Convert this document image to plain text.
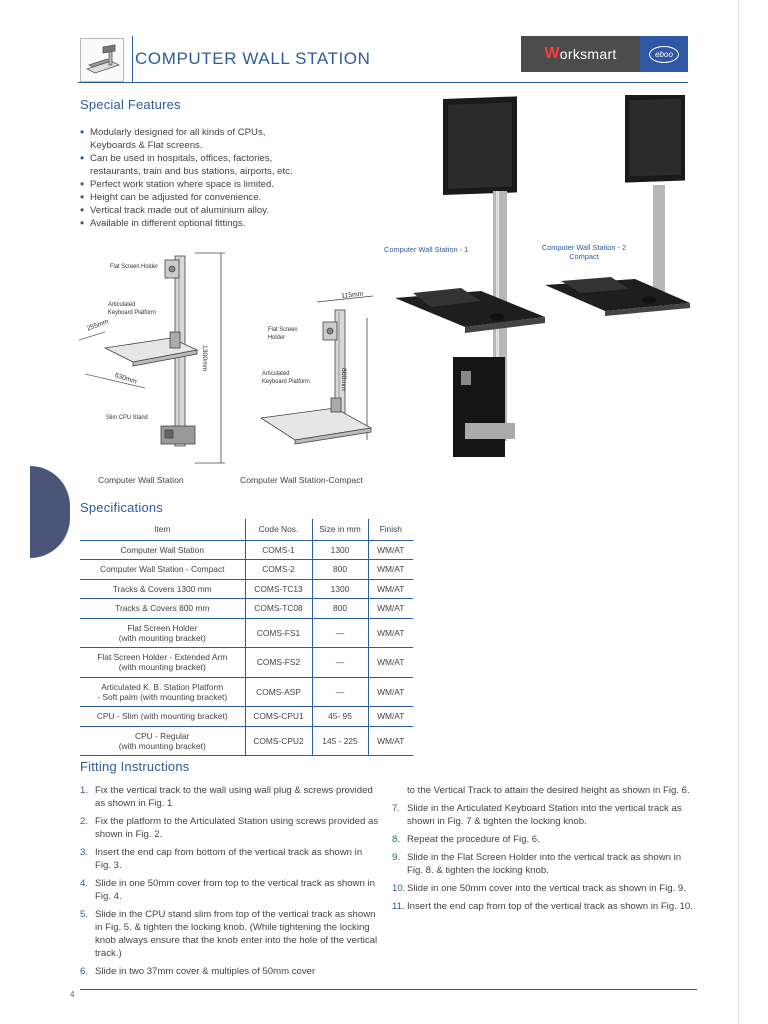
COMPUTER WALL STATION	W orksmart	eboo
Special Features
• Modularly designed for all kinds of CPUs,
Keyboards & Flat screens.
• Can be used in hospitals, offices, factories,
restaurants, train and bus stations, airports, etc.
• Perfect work station where space is limited.
• Height can be adjusted for convenience.
• Vertical track made out of aluminium alloy.
• Available in different optional fittings.
Flat Screen Holder
Articulated Keyboard Platform
Slim CPU Stand
1300mm
255mm
630mm
Computer Wall Station
115mm
Flat Screen Holder
Articulated Keyboard Platform	800mm
Computer Wall Station-Compact
Computer Wall Station - 1	Computer Wall Station - 2
Compact
Specifications
Item	Code Nos.	Size in mm	Finish
Computer Wall Station	COMS-1	1300	WM/AT
Computer Wall Station - Compact	COMS-2	800	WM/AT
Tracks & Covers 1300 mm	COMS-TC13	1300	WM/AT
Tracks & Covers 800 mm	COMS-TC08	800	WM/AT

Flat Screen Holder
(with mounting bracket)	COMS-FS1	—	WM/AT

Flat Screen Holder - Extended Arm
(with mounting bracket)	COMS-FS2	—	WM/AT

Articulated K. B. Station Platform
- Soft palm (with mounting bracket)	COMS-ASP	—	WM/AT
CPU - Slim (with mounting bracket)	COMS-CPU1	45- 95	WM/AT

CPU - Regular
(with mounting bracket)	COMS-CPU2	145 - 225	WM/AT
Fitting Instructions
1. Fix the vertical track to the wall using wall plug & screws provided as shown in Fig. 1
2. Fix the platform to the Articulated Station using screws provided as shown in Fig. 2.
3. Insert the end cap from bottom of the vertical track as shown in Fig. 3.
4. Slide in one 50mm cover from top to the vertical track as shown in Fig. 4.
5. Slide in the CPU stand slim from top of the vertical track as shown in Fig. 5. & tighten the locking knob. (While tightening the locking knob always ensure that the knob enter into the hole of the vertical track.)
6. Slide in two 37mm cover & multiples of 50mm cover
to the Vertical Track to attain the desired height as shown in Fig. 6.
7. Slide in the Articulated Keyboard Station into the vertical track as shown in Fig. 7 & tighten the locking knob.
8. Repeat the procedure of Fig. 6.
9. Slide in the Flat Screen Holder into the vertical track as shown in Fig. 8. & tighten the locking knob.
10. Slide in one 50mm cover into the vertical track as shown in Fig. 9.
11. Insert the end cap from top of the vertical track as shown in Fig. 10.
4
